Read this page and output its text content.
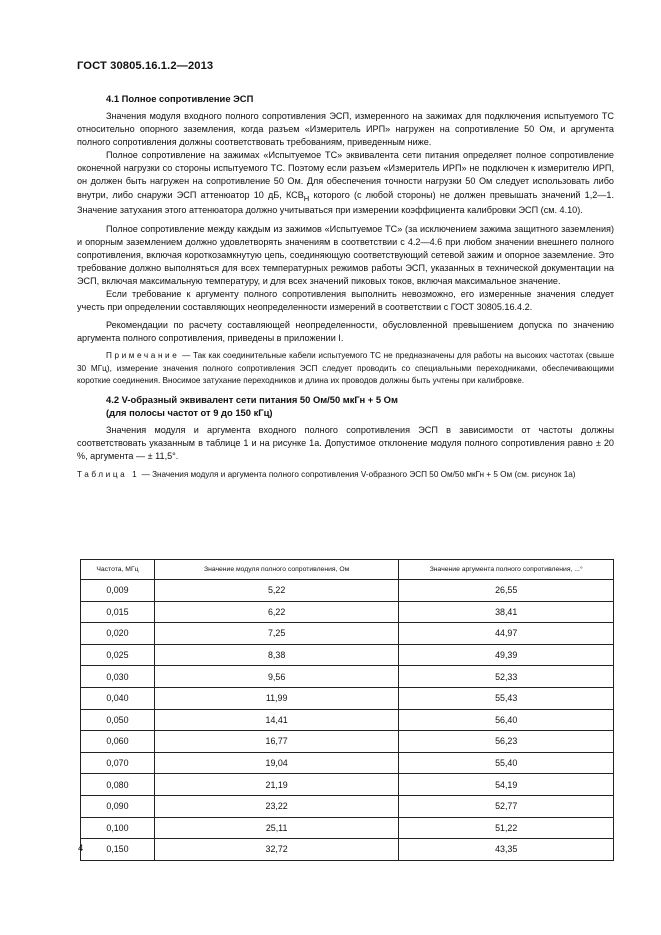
ГОСТ 30805.16.1.2—2013
4.1 Полное сопротивление ЭСП

Значения модуля входного полного сопротивления ЭСП, измеренного на зажимах для подключения испытуемого ТС относительно опорного заземления, когда разъем «Измеритель ИРП» нагружен на сопротивление 50 Ом, и аргумента полного сопротивления должны соответствовать требованиям, приведенным ниже.

Полное сопротивление на зажимах «Испытуемое ТС» эквивалента сети питания определяет полное сопротивление оконечной нагрузки со стороны испытуемого ТС. Поэтому если разъем «Измеритель ИРП» не подключен к измерителю ИРП, он должен быть нагружен на сопротивление 50 Ом. Для обеспечения точности нагрузки 50 Ом следует использовать либо внутри, либо снаружи ЭСП аттенюатор 10 дБ, $КСВ_Н$ которого (с любой стороны) не должен превышать значений 1,2—1. Значение затухания этого аттенюатора должно учитываться при измерении коэффициента калибровки ЭСП (см. 4.10).

Полное сопротивление между каждым из зажимов «Испытуемое ТС» (за исключением зажима защитного заземления) и опорным заземлением должно удовлетворять значениям в соответствии с 4.2—4.6 при любом значении внешнего полного сопротивления, включая короткозамкнутую цепь, соединяющую соответствующий сетевой зажим и опорное заземление. Это требование должно выполняться для всех температурных режимов работы ЭСП, указанных в технической документации на ЭСП, включая максимальную температуру, и для всех значений пиковых токов, включая максимальное значение.

Если требование к аргументу полного сопротивления выполнить невозможно, его измеренные значения следует учесть при определении составляющих неопределенности измерений в соответствии с ГОСТ 30805.16.4.2.

Рекомендации по расчету составляющей неопределенности, обусловленной превышением допуска по значению аргумента полного сопротивления, приведены в приложении I.

Примечание — Так как соединительные кабели испытуемого ТС не предназначены для работы на высоких частотах (свыше 30 МГц), измерение значения полного сопротивления ЭСП следует проводить со специальными переходниками, обеспечивающими короткие соединения. Вносимое затухание переходников и длина их проводов должны быть учтены при калибровке.

4.2 V-образный эквивалент сети питания 50 Ом/50 мкГн + 5 Ом
(для полосы частот от 9 до 150 кГц)

Значения модуля и аргумента входного полного сопротивления ЭСП в зависимости от частоты должны соответствовать указанным в таблице 1 и на рисунке 1а. Допустимое отклонение модуля полного сопротивления равно ± 20 %, аргумента — ± 11,5°.

Таблица 1 — Значения модуля и аргумента полного сопротивления V-образного ЭСП 50 Ом/50 мкГн + 5 Ом (см. рисунок 1а)

Частота, МГц	Значение модуля полного сопротивления, Ом	Значение аргумента полного сопротивления, ...°
0,009	5,22	26,55
0,015	6,22	38,41
0,020	7,25	44,97
0,025	8,38	49,39
0,030	9,56	52,33
0,040	11,99	55,43
0,050	14,41	56,40
0,060	16,77	56,23
0,070	19,04	55,40
0,080	21,19	54,19
0,090	23,22	52,77
0,100	25,11	51,22
0,150	32,72	43,35
4
